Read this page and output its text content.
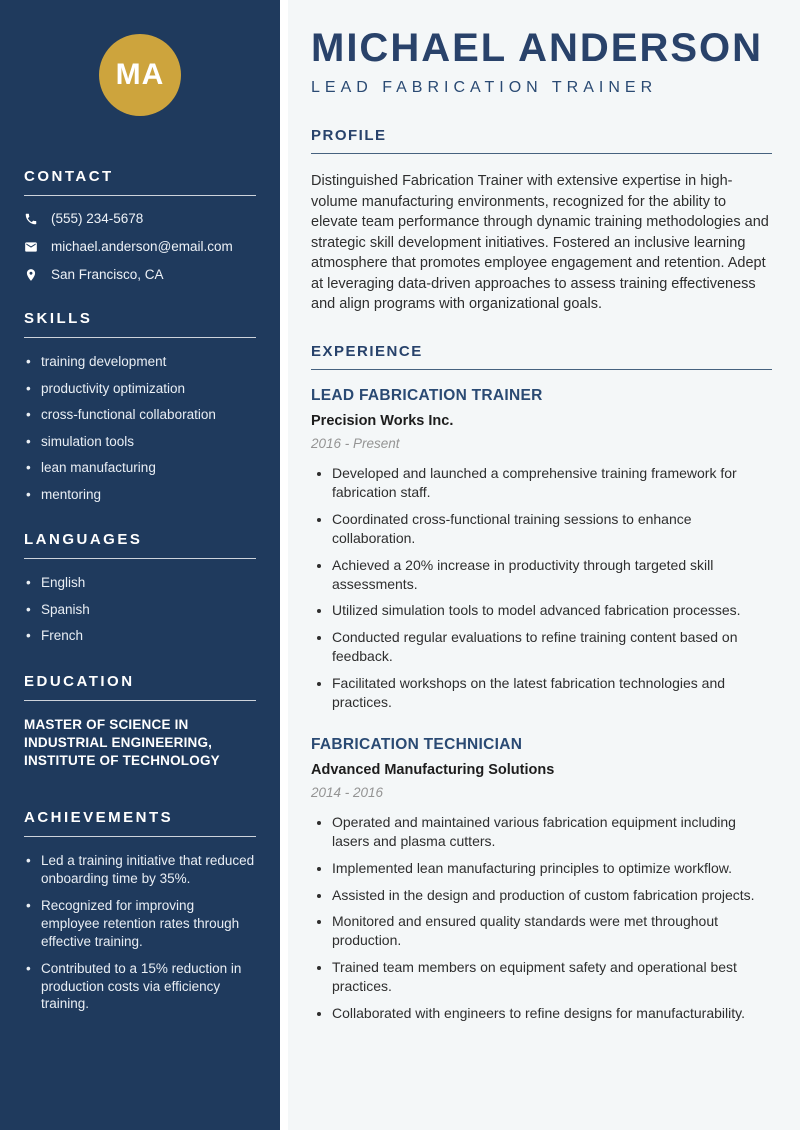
MA
CONTACT
(555) 234-5678
michael.anderson@email.com
San Francisco, CA
SKILLS
• training development
• productivity optimization
• cross-functional collaboration
• simulation tools
• lean manufacturing
• mentoring
LANGUAGES
• English
• Spanish
• French
EDUCATION

MASTER OF SCIENCE IN INDUSTRIAL ENGINEERING, INSTITUTE OF TECHNOLOGY

ACHIEVEMENTS
• Led a training initiative that reduced onboarding time by 35%.
• Recognized for improving employee retention rates through effective training.
• Contributed to a 15% reduction in production costs via efficiency training.
MICHAEL ANDERSON
LEAD FABRICATION TRAINER
PROFILE

Distinguished Fabrication Trainer with extensive expertise in high-volume manufacturing environments, recognized for the ability to elevate team performance through dynamic training methodologies and strategic skill development initiatives. Fostered an inclusive learning atmosphere that promotes employee engagement and retention. Adept at leveraging data-driven approaches to assess training effectiveness and align programs with organizational goals.

EXPERIENCE
LEAD FABRICATION TRAINER
Precision Works Inc.
2016 - Present
• Developed and launched a comprehensive training framework for fabrication staff.
• Coordinated cross-functional training sessions to enhance collaboration.
• Achieved a 20% increase in productivity through targeted skill assessments.
• Utilized simulation tools to model advanced fabrication processes.
• Conducted regular evaluations to refine training content based on feedback.
• Facilitated workshops on the latest fabrication technologies and practices.
FABRICATION TECHNICIAN
Advanced Manufacturing Solutions
2014 - 2016
• Operated and maintained various fabrication equipment including lasers and plasma cutters.
• Implemented lean manufacturing principles to optimize workflow.
• Assisted in the design and production of custom fabrication projects.
• Monitored and ensured quality standards were met throughout production.
• Trained team members on equipment safety and operational best practices.
• Collaborated with engineers to refine designs for manufacturability.
